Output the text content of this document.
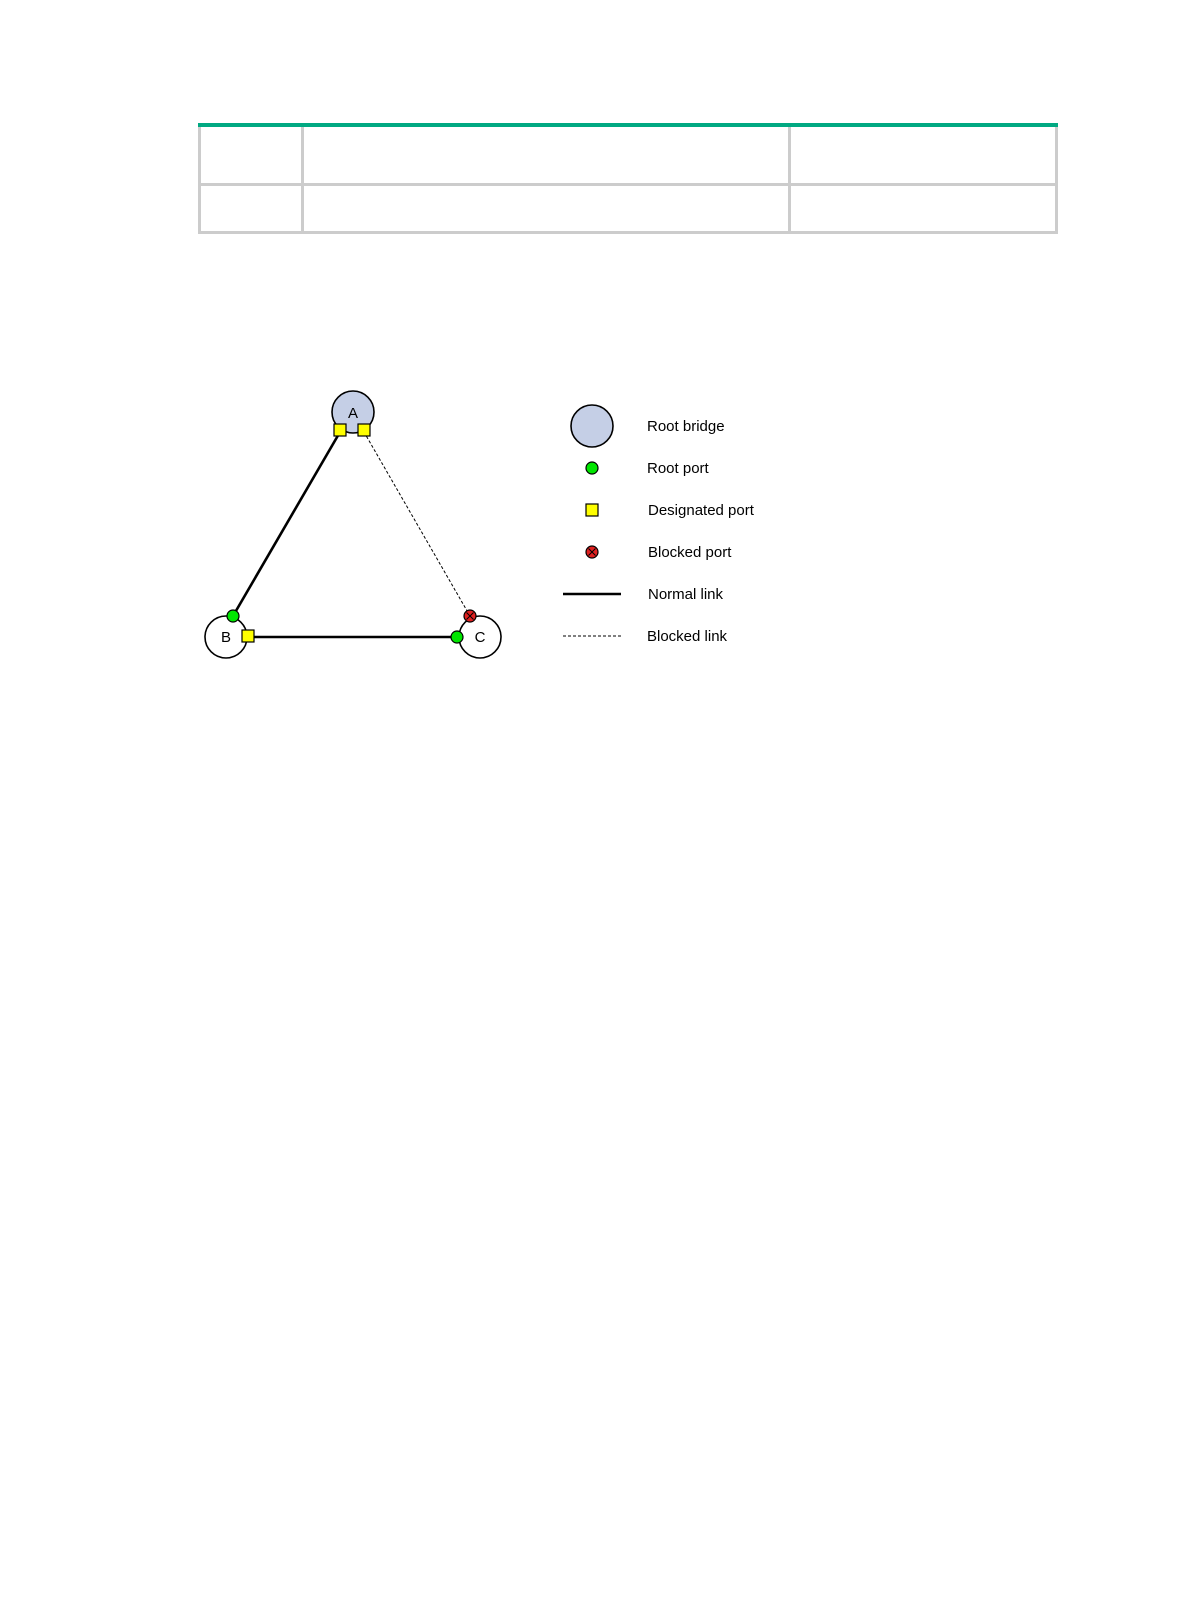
A
B	C
Root bridge
Root port
Designated port
Blocked port
Normal link
Blocked link
